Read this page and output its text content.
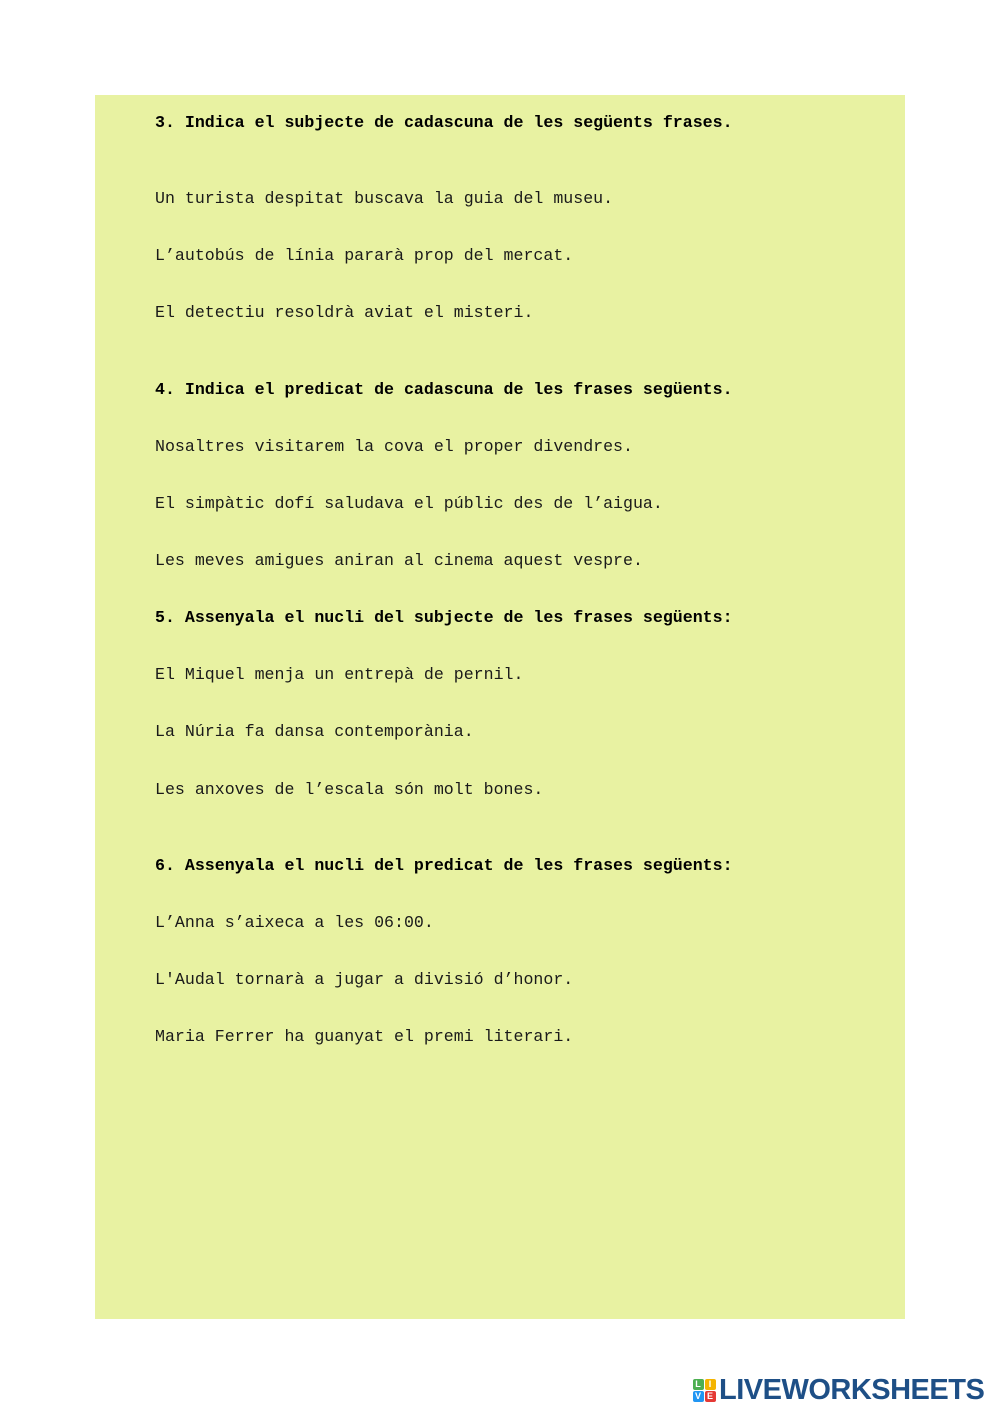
3. Indica el subjecte de cadascuna de les següents frases.

Un turista despitat buscava la guia del museu.

L’autobús de línia pararà prop del mercat.

El detectiu resoldrà aviat el misteri.

4. Indica el predicat de cadascuna de les frases següents.

Nosaltres visitarem la cova el proper divendres.

El simpàtic dofí saludava el públic des de l’aigua.

Les meves amigues aniran al cinema aquest vespre.

5. Assenyala el nucli del subjecte de les frases següents:

El Miquel menja un entrepà de pernil.

La Núria fa dansa contemporània.

Les anxoves de l’escala són molt bones.

6. Assenyala el nucli del predicat de les frases següents:

L’Anna s’aixeca a les 06:00.

L'Audal tornarà a jugar a divisió d’honor.

Maria Ferrer ha guanyat el premi literari.

L I
V E LIVEWORKSHEETS
